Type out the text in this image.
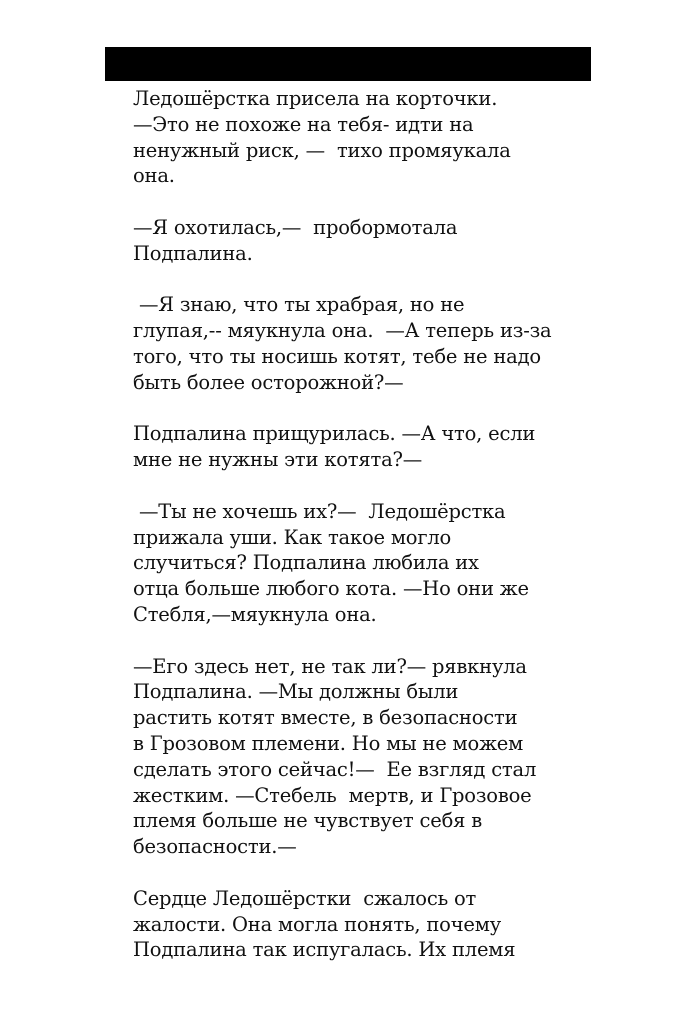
Ледошёрстка присела на корточки.
—Это не похоже на тебя- идти на
ненужный риск, —  тихо промяукала
она.
—Я охотилась,—  пробормотала
Подпалина.
—Я знаю, что ты храбрая, но не
глупая,-- мяукнула она.  —А теперь из-за
того, что ты носишь котят, тебе не надо
быть более осторожной?—
Подпалина прищурилась. —А что, если
мне не нужны эти котята?—
—Ты не хочешь их?—  Ледошёрстка
прижала уши. Как такое могло
случиться? Подпалина любила их
отца больше любого кота. —Но они же
Стебля,—мяукнула она.
—Его здесь нет, не так ли?— рявкнула
Подпалина. —Мы должны были
растить котят вместе, в безопасности
в Грозовом племени. Но мы не можем
сделать этого сейчас!—  Ее взгляд стал
жестким. —Стебель  мертв, и Грозовое
племя больше не чувствует себя в
безопасности.—
Сердце Ледошёрстки  сжалось от
жалости. Она могла понять, почему
Подпалина так испугалась. Их племя
